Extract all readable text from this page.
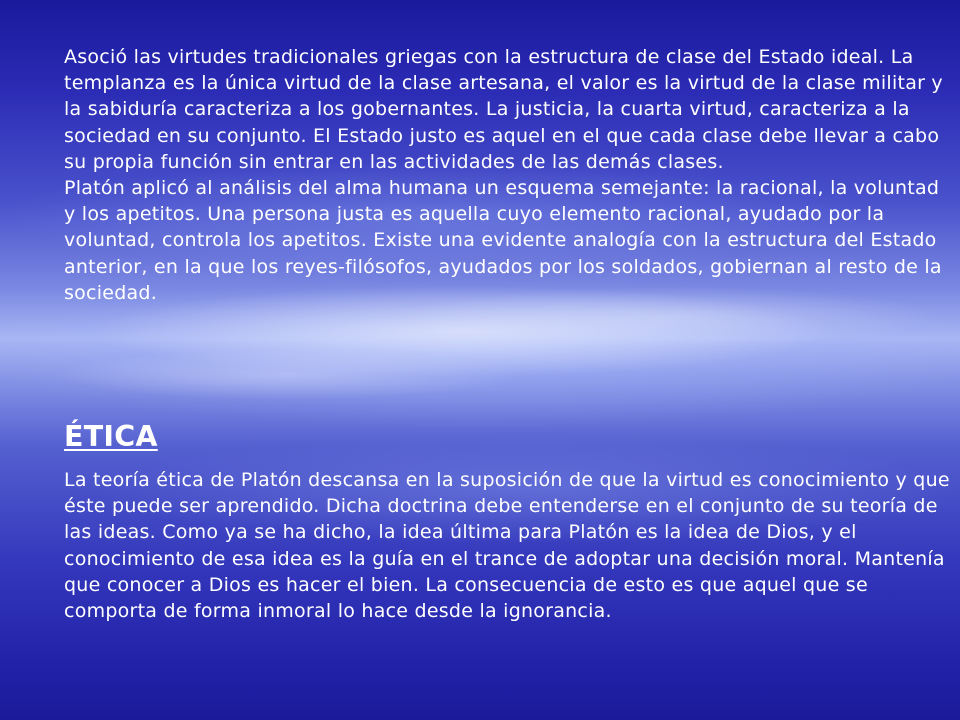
Asoció las virtudes tradicionales griegas con la estructura de clase del Estado ideal. La templanza es la única virtud de la clase artesana, el valor es la virtud de la clase militar y la sabiduría caracteriza a los gobernantes. La justicia, la cuarta virtud, caracteriza a la sociedad en su conjunto. El Estado justo es aquel en el que cada clase debe llevar a cabo su propia función sin entrar en las actividades de las demás clases.

Platón aplicó al análisis del alma humana un esquema semejante: la racional, la voluntad y los apetitos. Una persona justa es aquella cuyo elemento racional, ayudado por la voluntad, controla los apetitos. Existe una evidente analogía con la estructura del Estado anterior, en la que los reyes-filósofos, ayudados por los soldados, gobiernan al resto de la sociedad.

ÉTICA

La teoría ética de Platón descansa en la suposición de que la virtud es conocimiento y que éste puede ser aprendido. Dicha doctrina debe entenderse en el conjunto de su teoría de las ideas. Como ya se ha dicho, la idea última para Platón es la idea de Dios, y el conocimiento de esa idea es la guía en el trance de adoptar una decisión moral. Mantenía que conocer a Dios es hacer el bien. La consecuencia de esto es que aquel que se comporta de forma inmoral lo hace desde la ignorancia.
